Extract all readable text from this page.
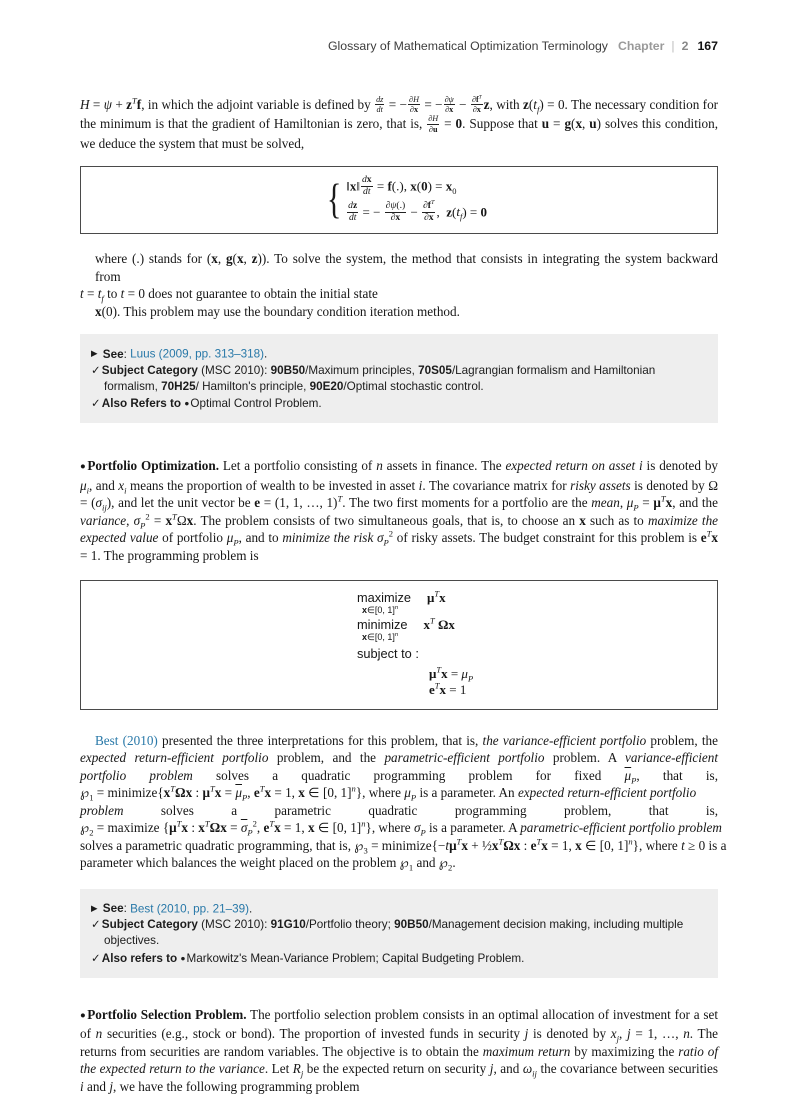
Glossary of Mathematical Optimization Terminology Chapter | 2 167

$H = \psi + z^Tf$, in which the adjoint variable is defined by $\frac{dz}{dt}$ = − $\frac{\partial H}{\partial x}$ = − $\frac{\partial\psi}{\partial x} - \frac{\partial f^T}{\partial x} z$, with $z(t_f) = 0$. The necessary condition for the minimum is that the gradient of Hamiltonian is zero, that is, $\frac{\partial H}{\partial u} = 0$. Suppose that u = g(x, u) solves this condition, we deduce the system that must be solved,

{ ‖x‖ $\frac{dx}{dt} = f(.)$, $x(0) = x_0$
$\frac{dz}{dt}$ = − $\frac{\partial\psi(.)}{\partial x} - \frac{\partial f^T}{\partial x}$ ,  $z(t_f) = 0$
where (.) stands for (x, g(x, z)). To solve the system, the method that consists in integrating the system backward from
$t = t_f$ to t = 0 does not guarantee to obtain the initial state
x(0). This problem may use the boundary condition iteration method.
▶ See: Luus (2009, pp. 313–318).
✓Subject Category (MSC 2010): 90B50/Maximum principles, 70S05/Lagrangian formalism and Hamiltonian formalism, 70H25/ Hamilton's principle, 90E20/Optimal stochastic control.
✓Also Refers to ●Optimal Control Problem.

●Portfolio Optimization. Let a portfolio consisting of n assets in finance. The expected return on asset i is denoted by $\mu_i$, and $x_i$ means the proportion of wealth to be invested in asset i. The covariance matrix for risky assets is denoted by $\Omega = (\sigma_{ij})$, and let the unit vector be e = (1, 1, …, 1)$^T$. The two first moments for a portfolio are the mean, $\mu_P = \mu^Tx$, and the variance, $\sigma_P^2 = x^T\Omega x$. The problem consists of two simultaneous goals, that is, to choose an x such as to maximize the expected value of portfolio $\mu_P$, and to minimize the risk $\sigma_P^2$ of risky assets. The budget constraint for this problem is $e^Tx = 1$. The programming problem is

maximize
x∈[0, 1]$^n$
$\mu^Tx$
minimize
x∈[0, 1]$^n$
$x^T$ Ωx
subject to :
$\mu^Tx = \mu_P$
$e^Tx = 1$
Best (2010) presented the three interpretations for this problem, that is, the variance-efficient portfolio problem, the
expected return-efficient portfolio problem, and the parametric-efficient portfolio problem. A variance-efficient
portfolio problem solves a quadratic programming problem for fixed $\overline{\mu}_P$, that is,
$℘_1$ = $minimize\{x^T\Omega x$ : $\mu^Tx = \overline{\mu}_P$, $e^Tx = 1$, x ∈ [0, 1]$^n$}, where $\mu_P$ is a parameter. An expected return-efficient portfolio
problem solves a parametric quadratic programming problem, that is,
$℘_2$ = maximize {$\mu^Tx$ : $x^T\Omega x = \overline{\sigma}_P^2$, $e^Tx = 1$, x ∈ [0, 1]$^n$}, where $\sigma_P$ is a parameter. A parametric-efficient portfolio problem
solves a parametric quadratic programming, that is, $℘_3$ = $minimize\{-t\mu^Tx$ + $\frac{1}{2}x^T\Omega x$ : $e^Tx = 1$, x ∈ [0, 1]$^n$}, where t ≥ 0 is a
parameter which balances the weight placed on the problem $℘_1$ and $℘_2$.
▶ See: Best (2010, pp. 21–39).
✓Subject Category (MSC 2010): 91G10/Portfolio theory; 90B50/Management decision making, including multiple objectives.
✓Also refers to ●Markowitz's Mean-Variance Problem; Capital Budgeting Problem.

●Portfolio Selection Problem. The portfolio selection problem consists in an optimal allocation of investment for a set of n securities (e.g., stock or bond). The proportion of invested funds in security j is denoted by $x_j$, j = 1, …, n. The returns from securities are random variables. The objective is to obtain the maximum return by maximizing the ratio of the expected return to the variance. Let $R_j$ be the expected return on security j, and $\omega_{ij}$ the covariance between securities i and j, we have the following programming problem
